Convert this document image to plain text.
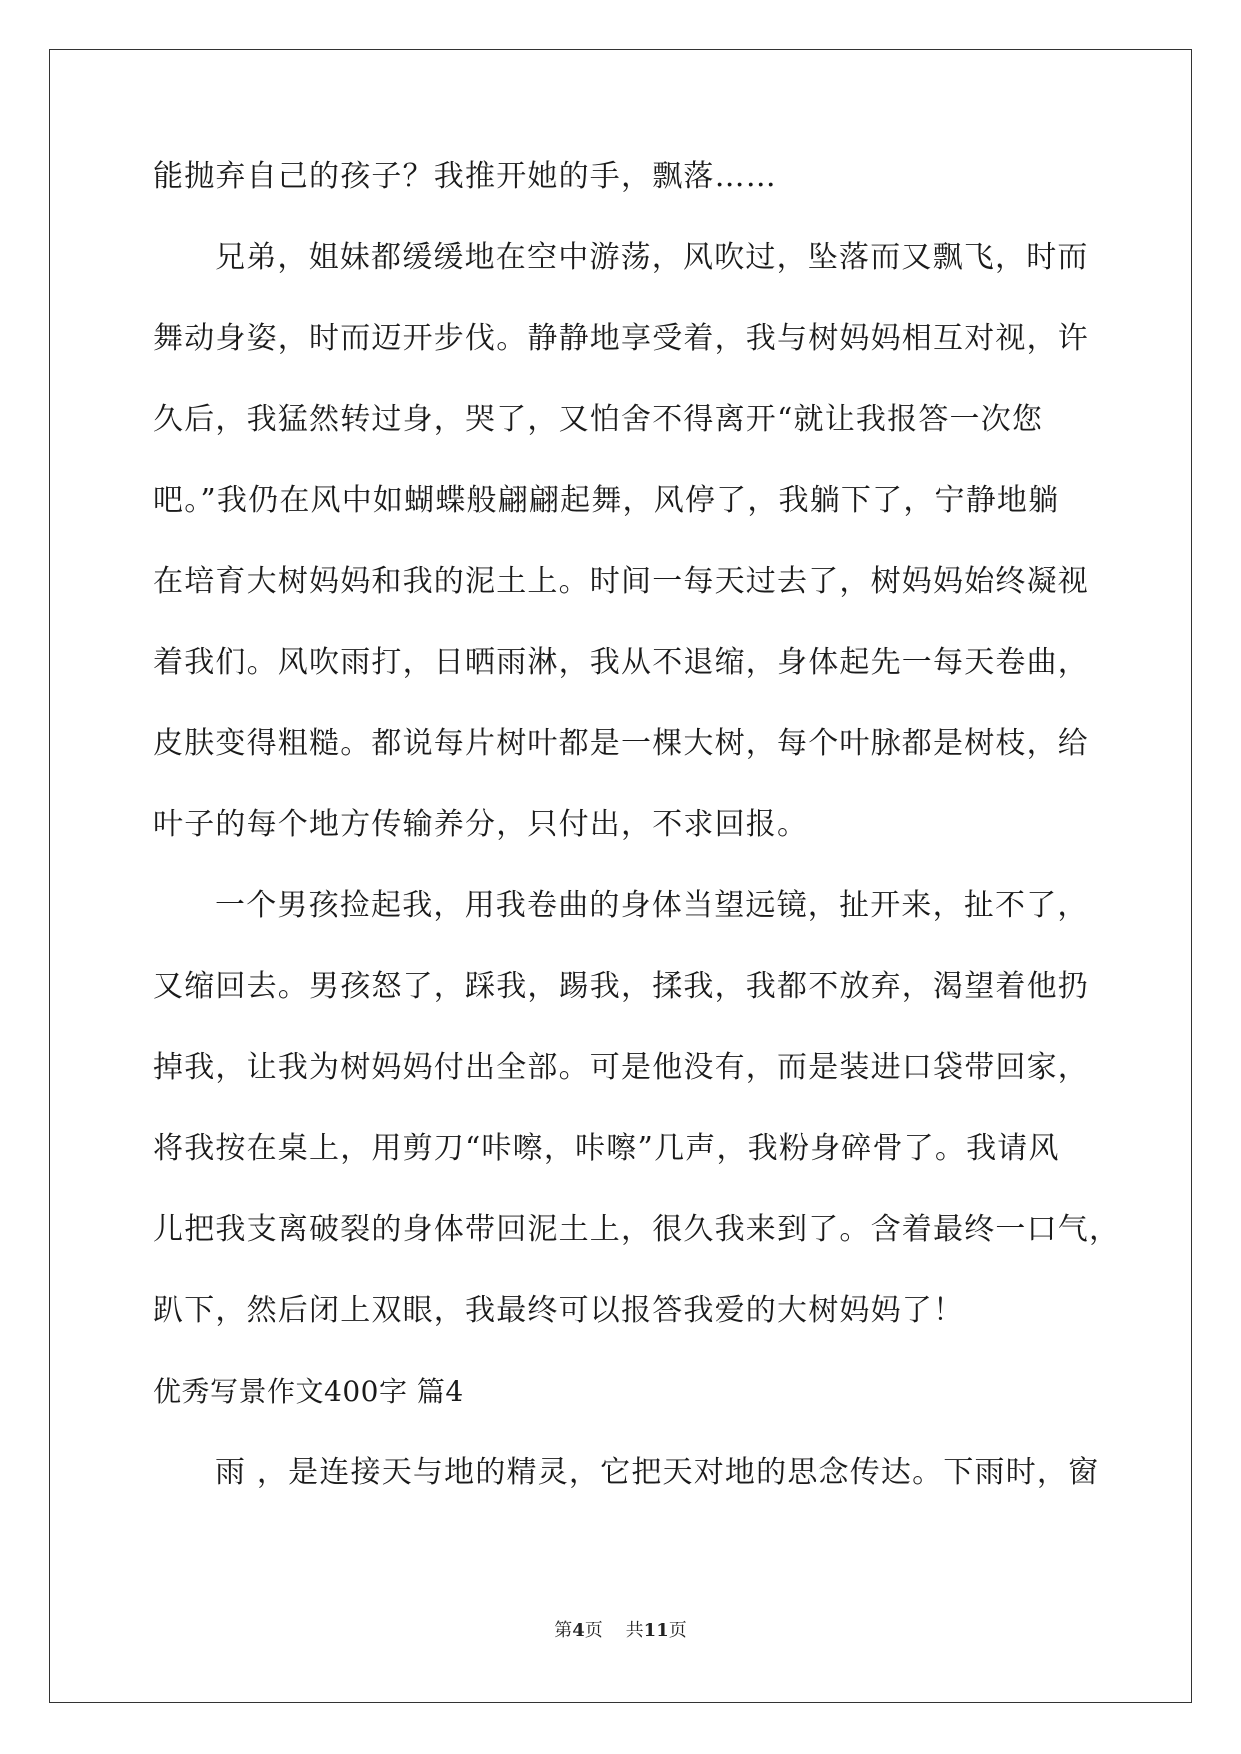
能抛弃自己的孩子？我推开她的手，飘落……
兄弟，姐妹都缓缓地在空中游荡，风吹过，坠落而又飘飞，时而
舞动身姿，时而迈开步伐。静静地享受着，我与树妈妈相互对视，许
久后，我猛然转过身，哭了，又怕舍不得离开“就让我报答一次您
吧。”我仍在风中如蝴蝶般翩翩起舞，风停了，我躺下了，宁静地躺
在培育大树妈妈和我的泥土上。时间一每天过去了，树妈妈始终凝视
着我们。风吹雨打，日晒雨淋，我从不退缩，身体起先一每天卷曲，
皮肤变得粗糙。都说每片树叶都是一棵大树，每个叶脉都是树枝，给
叶子的每个地方传输养分，只付出，不求回报。
一个男孩捡起我，用我卷曲的身体当望远镜，扯开来，扯不了，
又缩回去。男孩怒了，踩我，踢我，揉我，我都不放弃，渴望着他扔
掉我，让我为树妈妈付出全部。可是他没有，而是装进口袋带回家，
将我按在桌上，用剪刀“咔嚓，咔嚓”几声，我粉身碎骨了。我请风
儿把我支离破裂的身体带回泥土上，很久我来到了。含着最终一口气，
趴下，然后闭上双眼，我最终可以报答我爱的大树妈妈了！
优秀写景作文400字 篇4
雨 ，是连接天与地的精灵，它把天对地的思念传达。下雨时，窗
第4页    共11页
